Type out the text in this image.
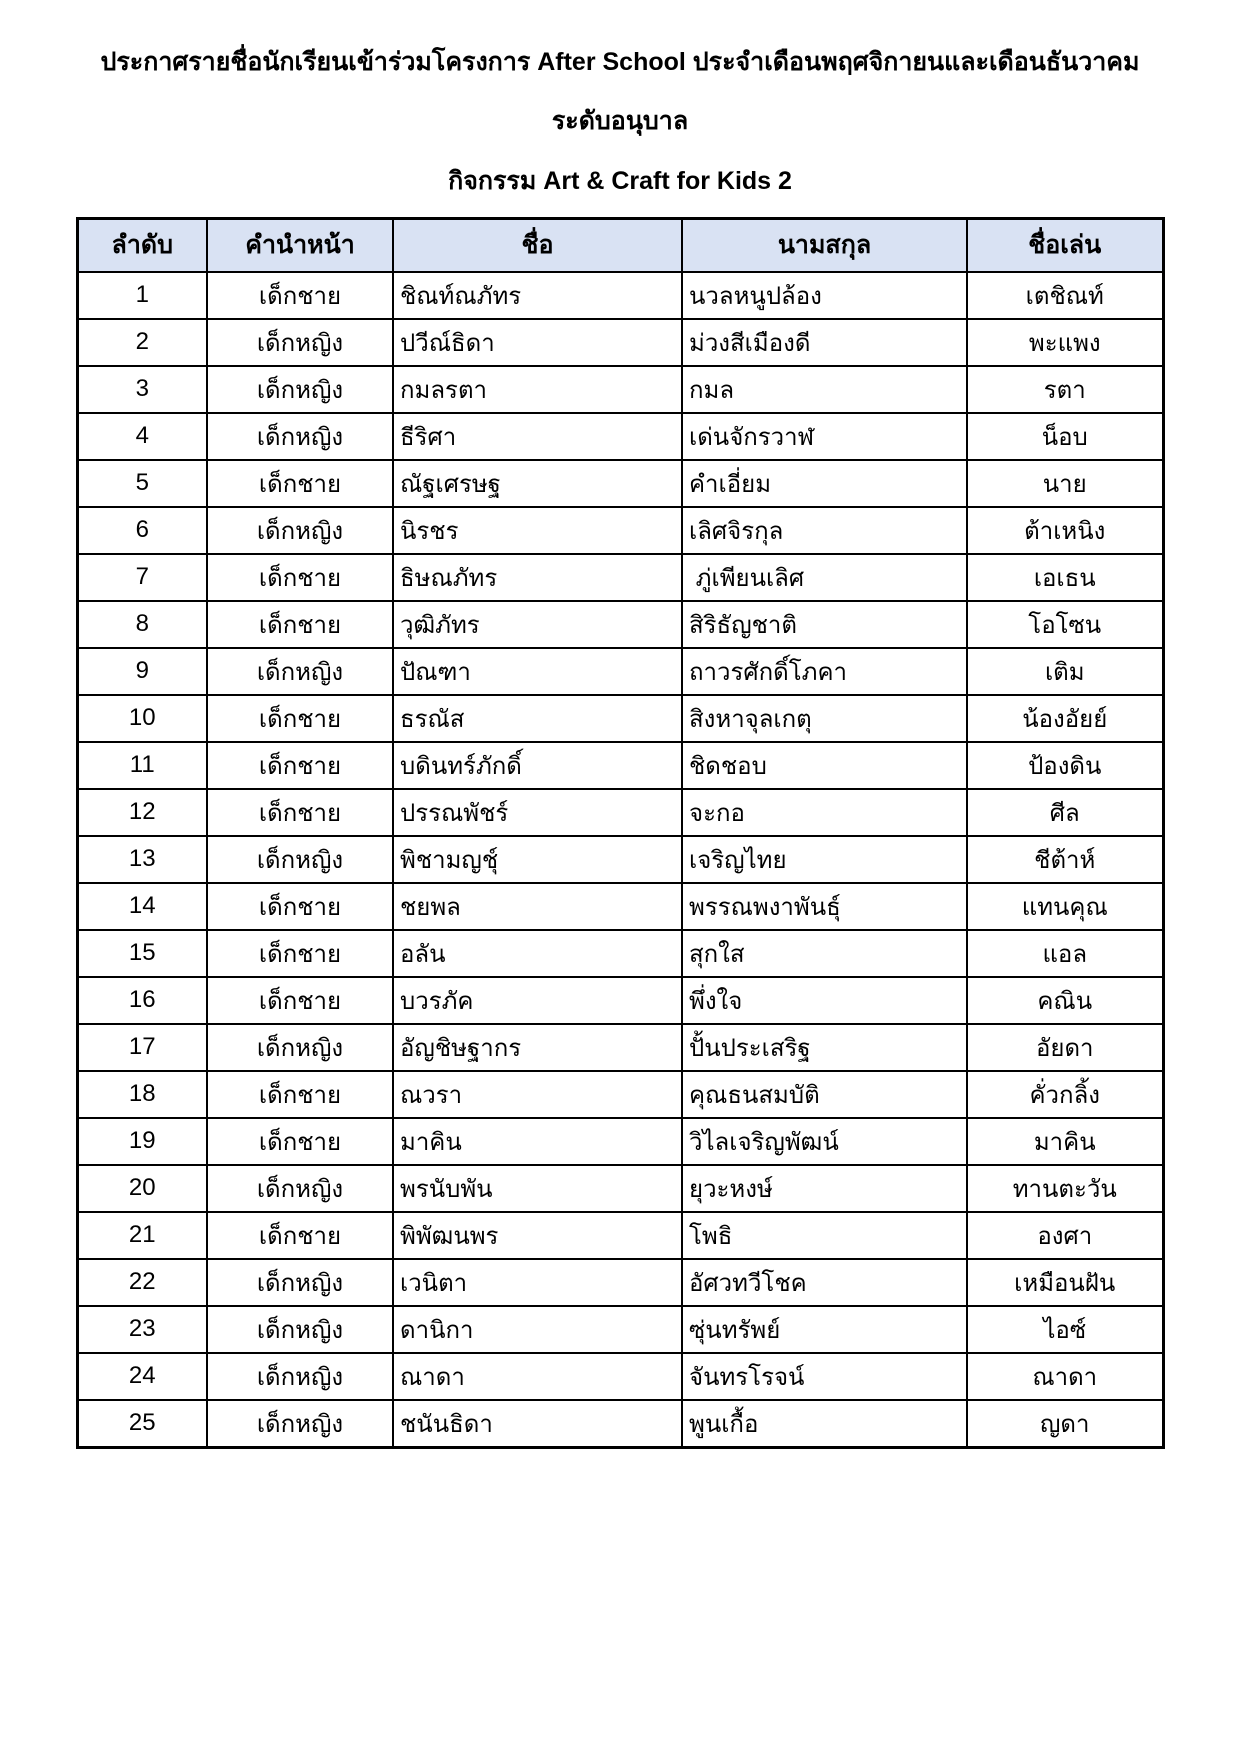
ประกาศรายชื่อนักเรียนเข้าร่วมโครงการ After School ประจำเดือนพฤศจิกายนและเดือนธันวาคม
ระดับอนุบาล
กิจกรรม Art & Craft for Kids 2
ลำดับ	คำนำหน้า	ชื่อ	นามสกุล	ชื่อเล่น
1	เด็กชาย	ชิณท์ณภัทร	นวลหนูปล้อง	เตชิณท์
2	เด็กหญิง	ปวีณ์ธิดา	ม่วงสีเมืองดี	พะแพง
3	เด็กหญิง	กมลรตา	กมล	รตา
4	เด็กหญิง	ธีริศา	เด่นจักรวาฬ	น็อบ
5	เด็กชาย	ณัฐเศรษฐ	คำเอี่ยม	นาย
6	เด็กหญิง	นิรชร	เลิศจิรกุล	ต้าเหนิง
7	เด็กชาย	ธิษณภัทร	ภู่เพียนเลิศ	เอเธน
8	เด็กชาย	วุฒิภัทร	สิริธัญชาติ	โอโซน
9	เด็กหญิง	ปัณฑา	ถาวรศักดิ์โภคา	เติม
10	เด็กชาย	ธรณัส	สิงหาจุลเกตุ	น้องอัยย์
11	เด็กชาย	บดินทร์ภักดิ์	ชิดชอบ	ป้องดิน
12	เด็กชาย	ปรรณพัชร์	จะกอ	ศีล
13	เด็กหญิง	พิชามญชุ์	เจริญไทย	ชีต้าห์
14	เด็กชาย	ชยพล	พรรณพงาพันธุ์	แทนคุณ
15	เด็กชาย	อลัน	สุกใส	แอล
16	เด็กชาย	บวรภัค	พึ่งใจ	คณิน
17	เด็กหญิง	อัญชิษฐากร	ปั้นประเสริฐ	อัยดา
18	เด็กชาย	ณวรา	คุณธนสมบัติ	คั่วกลิ้ง
19	เด็กชาย	มาคิน	วิไลเจริญพัฒน์	มาคิน
20	เด็กหญิง	พรนับพัน	ยุวะหงษ์	ทานตะวัน
21	เด็กชาย	พิพัฒนพร	โพธิ	องศา
22	เด็กหญิง	เวนิตา	อัศวทวีโชค	เหมือนฝัน
23	เด็กหญิง	ดานิกา	ซุ่นทรัพย์	ไอซ์
24	เด็กหญิง	ณาดา	จันทรโรจน์	ณาดา
25	เด็กหญิง	ชนันธิดา	พูนเกื้อ	ญดา
